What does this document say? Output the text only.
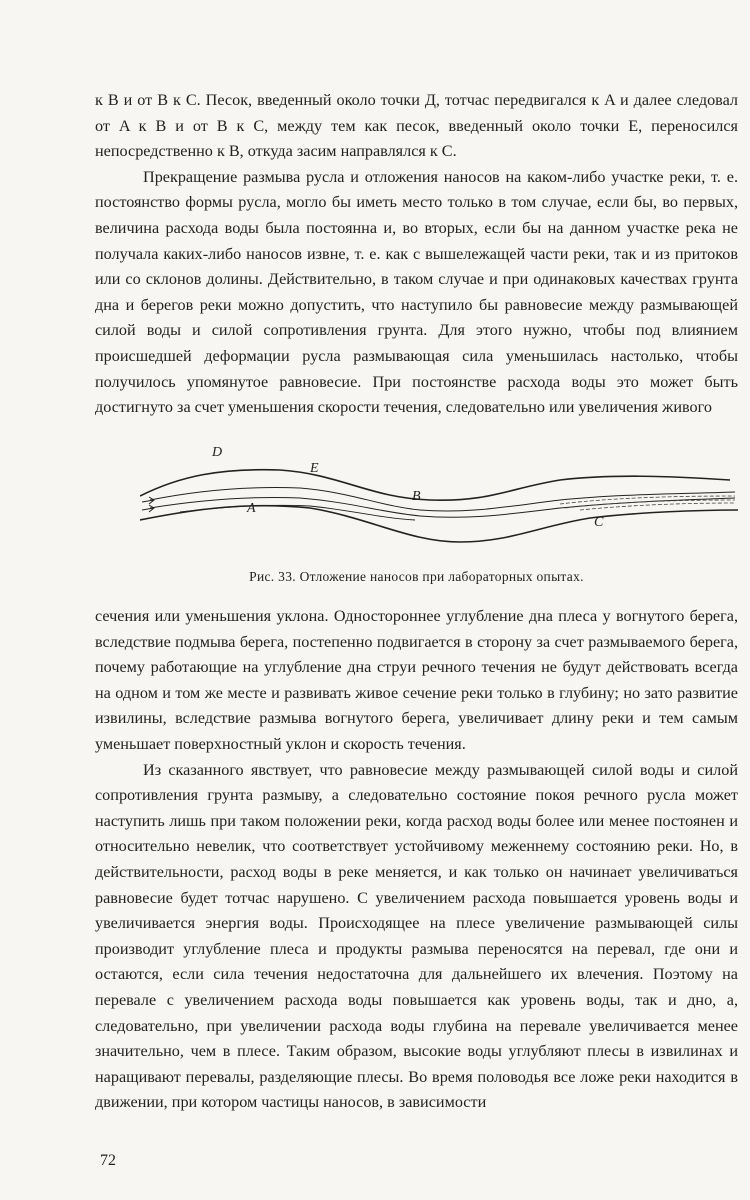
к B и от B к C. Песок, введенный около точки Д, тотчас передвигался к A и далее следовал от A к B и от B к C, между тем как песок, введенный около точки E, переносился непосредственно к B, откуда засим направлялся к C.

Прекращение размыва русла и отложения наносов на каком-либо участке реки, т. е. постоянство формы русла, могло бы иметь место только в том случае, если бы, во первых, величина расхода воды была постоянна и, во вторых, если бы на данном участке река не получала каких-либо наносов извне, т. е. как с вышележащей части реки, так и из притоков или со склонов долины. Действительно, в таком случае и при одинаковых качествах грунта дна и берегов реки можно допустить, что наступило бы равновесие между размывающей силой воды и силой сопротивления грунта. Для этого нужно, чтобы под влиянием происшедшей деформации русла размывающая сила уменьшилась настолько, чтобы получилось упомянутое равновесие. При постоянстве расхода воды это может быть достигнуто за счет уменьшения скорости течения, следовательно или увеличения живого

D
E
A
B
C
Рис. 33. Отложение наносов при лабораторных опытах.

сечения или уменьшения уклона. Одностороннее углубление дна плеса у вогнутого берега, вследствие подмыва берега, постепенно подвигается в сторону за счет размываемого берега, почему работающие на углубление дна струи речного течения не будут действовать всегда на одном и том же месте и развивать живое сечение реки только в глубину; но зато развитие извилины, вследствие размыва вогнутого берега, увеличивает длину реки и тем самым уменьшает поверхностный уклон и скорость течения.

Из сказанного явствует, что равновесие между размывающей силой воды и силой сопротивления грунта размыву, а следовательно состояние покоя речного русла может наступить лишь при таком положении реки, когда расход воды более или менее постоянен и относительно невелик, что соответствует устойчивому меженнему состоянию реки. Но, в действительности, расход воды в реке меняется, и как только он начинает увеличиваться равновесие будет тотчас нарушено. С увеличением расхода повышается уровень воды и увеличивается энергия воды. Происходящее на плесе увеличение размывающей силы производит углубление плеса и продукты размыва переносятся на перевал, где они и остаются, если сила течения недостаточна для дальнейшего их влечения. Поэтому на перевале с увеличением расхода воды повышается как уровень воды, так и дно, а, следовательно, при увеличении расхода воды глубина на перевале увеличивается менее значительно, чем в плесе. Таким образом, высокие воды углубляют плесы в извилинах и наращивают перевалы, разделяющие плесы. Во время половодья все ложе реки находится в движении, при котором частицы наносов, в зависимости

72
